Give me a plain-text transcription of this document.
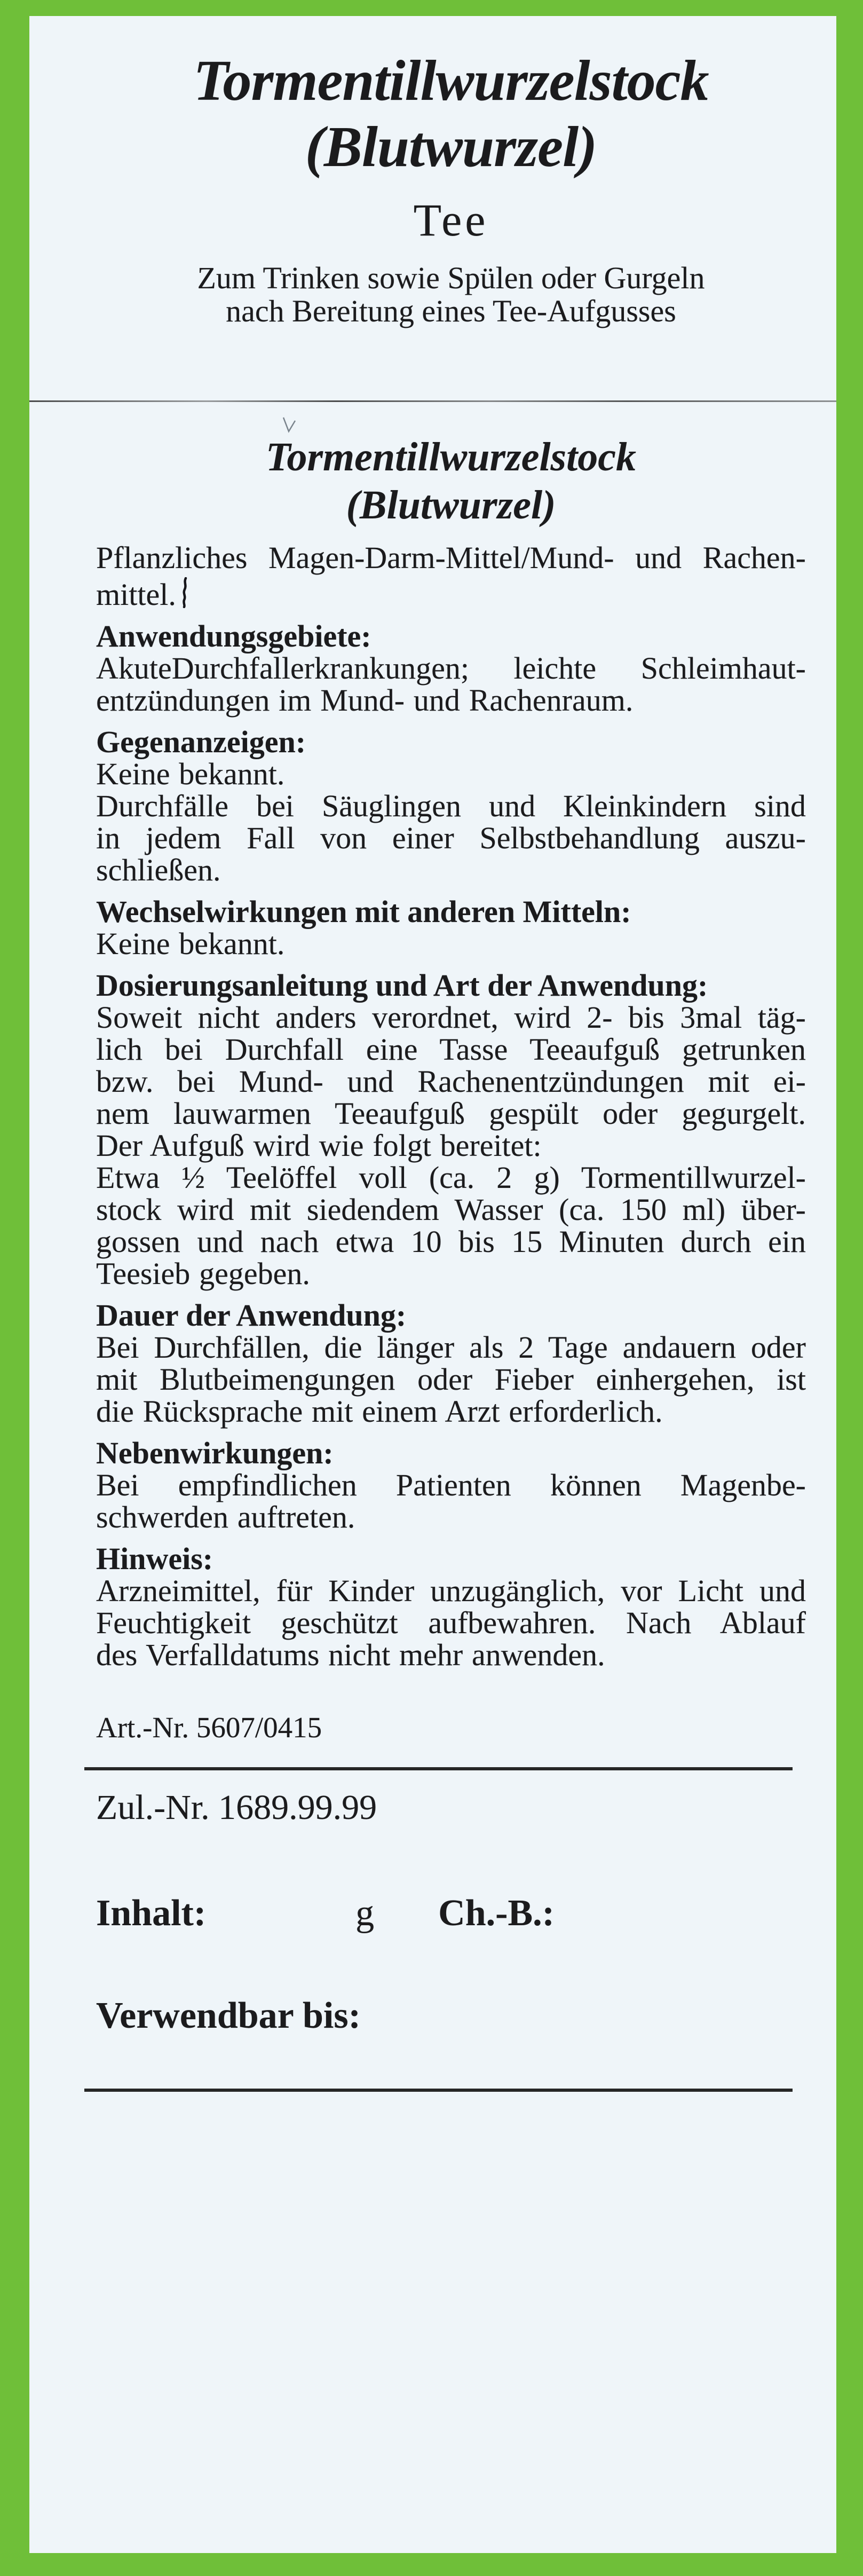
Tormentillwurzelstock
(Blutwurzel)
Tee
Zum Trinken sowie Spülen oder Gurgeln
nach Bereitung eines Tee-Aufgusses
Tormentillwurzelstock
(Blutwurzel)
Pflanzliches Magen-Darm-Mittel/Mund- und Rachen-
mittel.
Anwendungsgebiete:
AkuteDurchfallerkrankungen; leichte Schleimhaut-
entzündungen im Mund- und Rachenraum.
Gegenanzeigen:
Keine bekannt.
Durchfälle bei Säuglingen und Kleinkindern sind
in jedem Fall von einer Selbstbehandlung auszu-
schließen.
Wechselwirkungen mit anderen Mitteln:
Keine bekannt.
Dosierungsanleitung und Art der Anwendung:
Soweit nicht anders verordnet, wird 2- bis 3mal täg-
lich bei Durchfall eine Tasse Teeaufguß getrunken
bzw. bei Mund- und Rachenentzündungen mit ei-
nem lauwarmen Teeaufguß gespült oder gegurgelt.
Der Aufguß wird wie folgt bereitet:
Etwa ½ Teelöffel voll (ca. 2 g) Tormentillwurzel-
stock wird mit siedendem Wasser (ca. 150 ml) über-
gossen und nach etwa 10 bis 15 Minuten durch ein
Teesieb gegeben.
Dauer der Anwendung:
Bei Durchfällen, die länger als 2 Tage andauern oder
mit Blutbeimengungen oder Fieber einhergehen, ist
die Rücksprache mit einem Arzt erforderlich.
Nebenwirkungen:
Bei empfindlichen Patienten können Magenbe-
schwerden auftreten.
Hinweis:
Arzneimittel, für Kinder unzugänglich, vor Licht und
Feuchtigkeit geschützt aufbewahren. Nach Ablauf
des Verfalldatums nicht mehr anwenden.
Art.-Nr. 5607/0415
Zul.-Nr. 1689.99.99
Inhalt:	g Ch.-B.:
Verwendbar bis:
